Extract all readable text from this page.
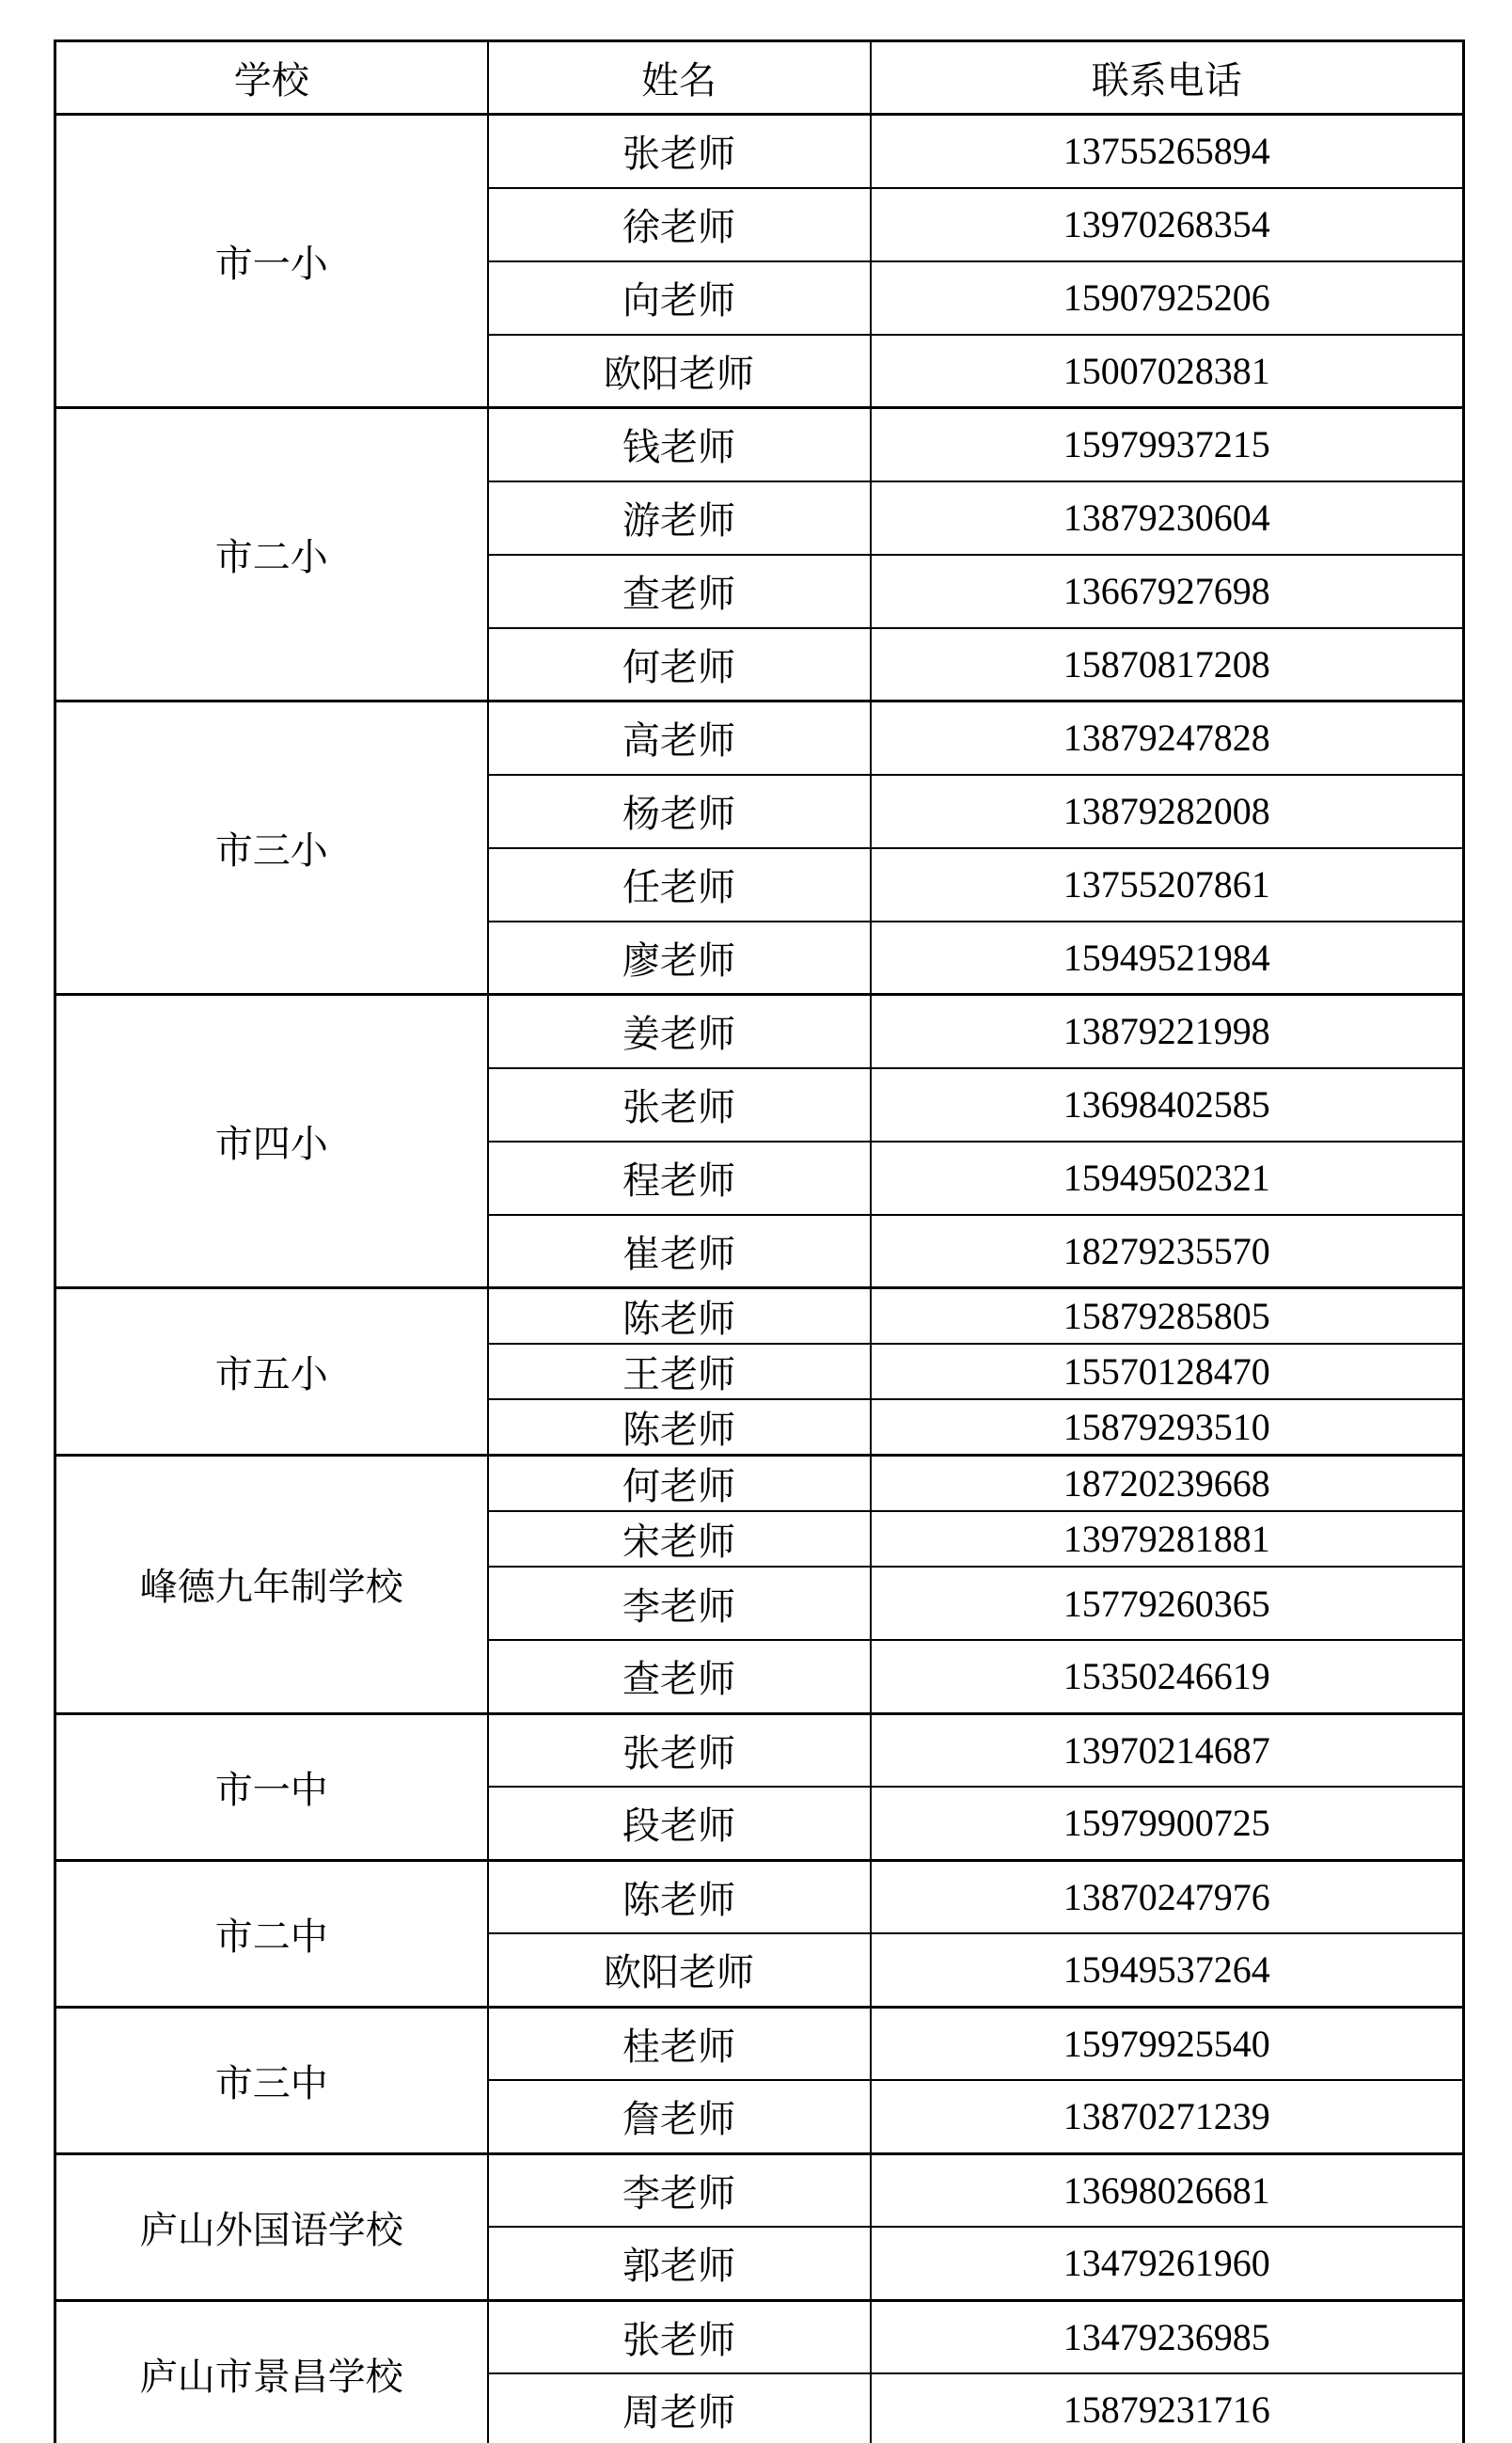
学校	姓名	联系电话
市一小	张老师	13755265894
	徐老师	13970268354
	向老师	15907925206
	欧阳老师	15007028381
市二小	钱老师	15979937215
	游老师	13879230604
	查老师	13667927698
	何老师	15870817208
市三小	高老师	13879247828
	杨老师	13879282008
	任老师	13755207861
	廖老师	15949521984
市四小	姜老师	13879221998
	张老师	13698402585
	程老师	15949502321
	崔老师	18279235570
市五小	陈老师	15879285805
	王老师	15570128470
	陈老师	15879293510
峰德九年制学校	何老师	18720239668
	宋老师	13979281881
	李老师	15779260365
	查老师	15350246619
市一中	张老师	13970214687
	段老师	15979900725
市二中	陈老师	13870247976
	欧阳老师	15949537264
市三中	桂老师	15979925540
	詹老师	13870271239
庐山外国语学校	李老师	13698026681
	郭老师	13479261960
庐山市景昌学校	张老师	13479236985
	周老师	15879231716
